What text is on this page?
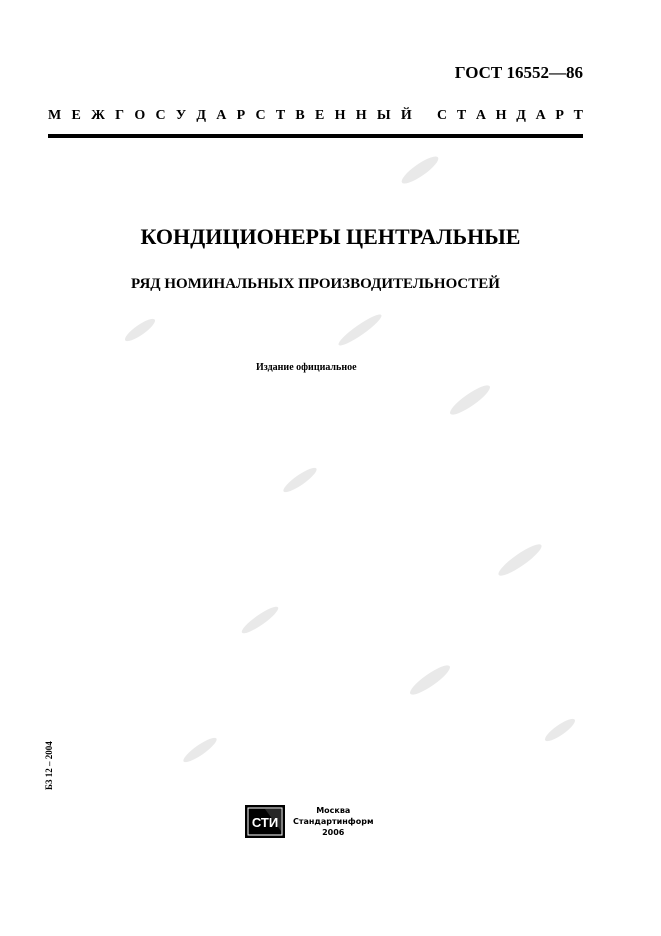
ГОСТ 16552—86
М Е Ж Г О С У Д А Р С Т В Е Н Н Ы Й С Т А Н Д А Р Т
КОНДИЦИОНЕРЫ ЦЕНТРАЛЬНЫЕ
РЯД НОМИНАЛЬНЫХ ПРОИЗВОДИТЕЛЬНОСТЕЙ
Издание официальное
Б3 12 – 2004
СТИ
Москва
Стандартинформ
2006
